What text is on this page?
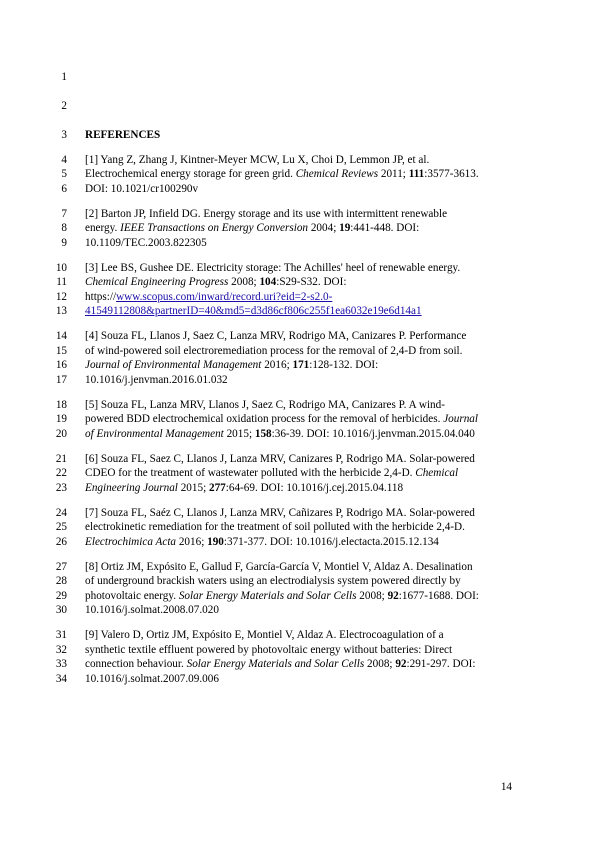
1
2
3
4
5
6
7
8
9
10
11
12
13
14
15
16
17
18
19
20
21
22
23
24
25
26
27
28
29
30
31
32
33
34
REFERENCES
[1] Yang Z, Zhang J, Kintner-Meyer MCW, Lu X, Choi D, Lemmon JP, et al.
Electrochemical energy storage for green grid. Chemical Reviews 2011; 111:3577-3613.
DOI: 10.1021/cr100290v
[2] Barton JP, Infield DG. Energy storage and its use with intermittent renewable
energy. IEEE Transactions on Energy Conversion 2004; 19:441-448. DOI:
10.1109/TEC.2003.822305
[3] Lee BS, Gushee DE. Electricity storage: The Achilles' heel of renewable energy.
Chemical Engineering Progress 2008; 104:S29-S32. DOI:
https://www.scopus.com/inward/record.uri?eid=2-s2.0-
41549112808&partnerID=40&md5=d3d86cf806c255f1ea6032e19e6d14a1
[4] Souza FL, Llanos J, Saez C, Lanza MRV, Rodrigo MA, Canizares P. Performance
of wind-powered soil electroremediation process for the removal of 2,4-D from soil.
Journal of Environmental Management 2016; 171:128-132. DOI:
10.1016/j.jenvman.2016.01.032
[5] Souza FL, Lanza MRV, Llanos J, Saez C, Rodrigo MA, Canizares P. A wind-
powered BDD electrochemical oxidation process for the removal of herbicides. Journal
of Environmental Management 2015; 158:36-39. DOI: 10.1016/j.jenvman.2015.04.040
[6] Souza FL, Saez C, Llanos J, Lanza MRV, Canizares P, Rodrigo MA. Solar-powered
CDEO for the treatment of wastewater polluted with the herbicide 2,4-D. Chemical
Engineering Journal 2015; 277:64-69. DOI: 10.1016/j.cej.2015.04.118
[7] Souza FL, Saéz C, Llanos J, Lanza MRV, Cañizares P, Rodrigo MA. Solar-powered
electrokinetic remediation for the treatment of soil polluted with the herbicide 2,4-D.
Electrochimica Acta 2016; 190:371-377. DOI: 10.1016/j.electacta.2015.12.134
[8] Ortiz JM, Expósito E, Gallud F, García-García V, Montiel V, Aldaz A. Desalination
of underground brackish waters using an electrodialysis system powered directly by
photovoltaic energy. Solar Energy Materials and Solar Cells 2008; 92:1677-1688. DOI:
10.1016/j.solmat.2008.07.020
[9] Valero D, Ortiz JM, Expósito E, Montiel V, Aldaz A. Electrocoagulation of a
synthetic textile effluent powered by photovoltaic energy without batteries: Direct
connection behaviour. Solar Energy Materials and Solar Cells 2008; 92:291-297. DOI:
10.1016/j.solmat.2007.09.006
14
